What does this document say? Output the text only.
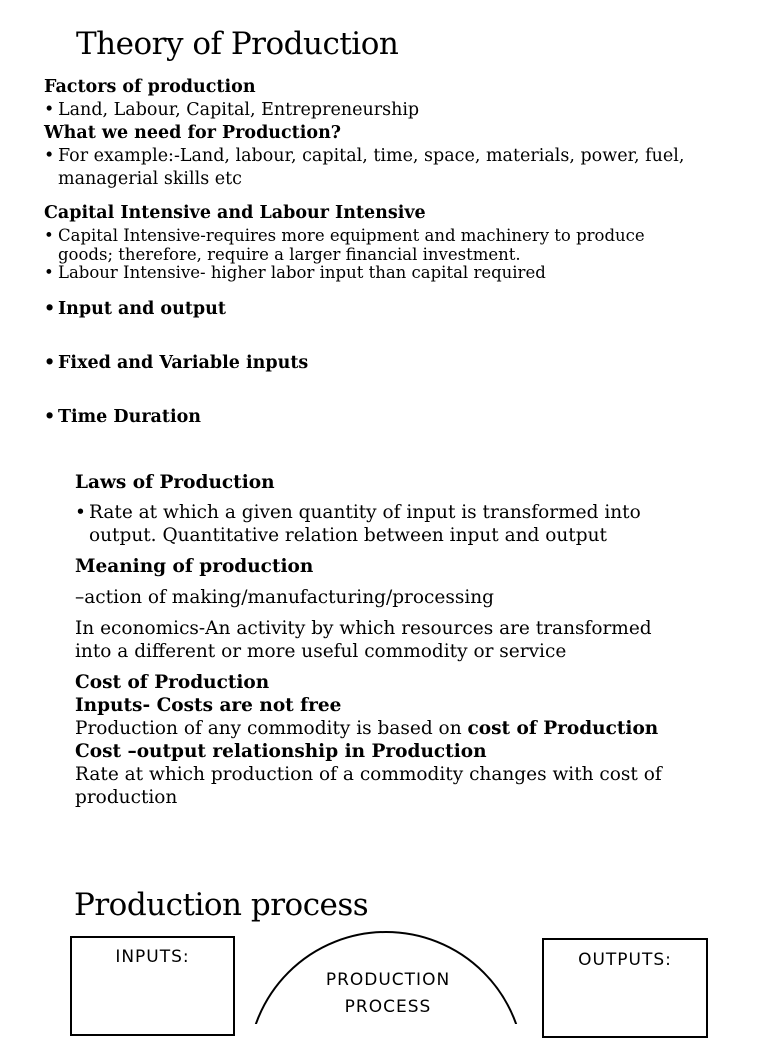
Theory of Production
Factors of production
• Land, Labour, Capital, Entrepreneurship
What we need for Production?
• For example:-Land, labour, capital, time, space, materials, power, fuel,
managerial skills etc
Capital Intensive and Labour Intensive
• Capital Intensive-requires more equipment and machinery to produce
goods; therefore, require a larger financial investment.
• Labour Intensive- higher labor input than capital required
• Input and output
• Fixed and Variable inputs
• Time Duration
Laws of Production
• Rate at which a given quantity of input is transformed into
output. Quantitative relation between input and output
Meaning of production
–action of making/manufacturing/processing
In economics-An activity by which resources are transformed
into a different or more useful commodity or service
Cost of Production
Inputs- Costs are not free
Production of any commodity is based on cost of Production
Cost –output relationship in Production
Rate at which production of a commodity changes with cost of
production
Production process
INPUTS:
PRODUCTION
PROCESS
OUTPUTS:
